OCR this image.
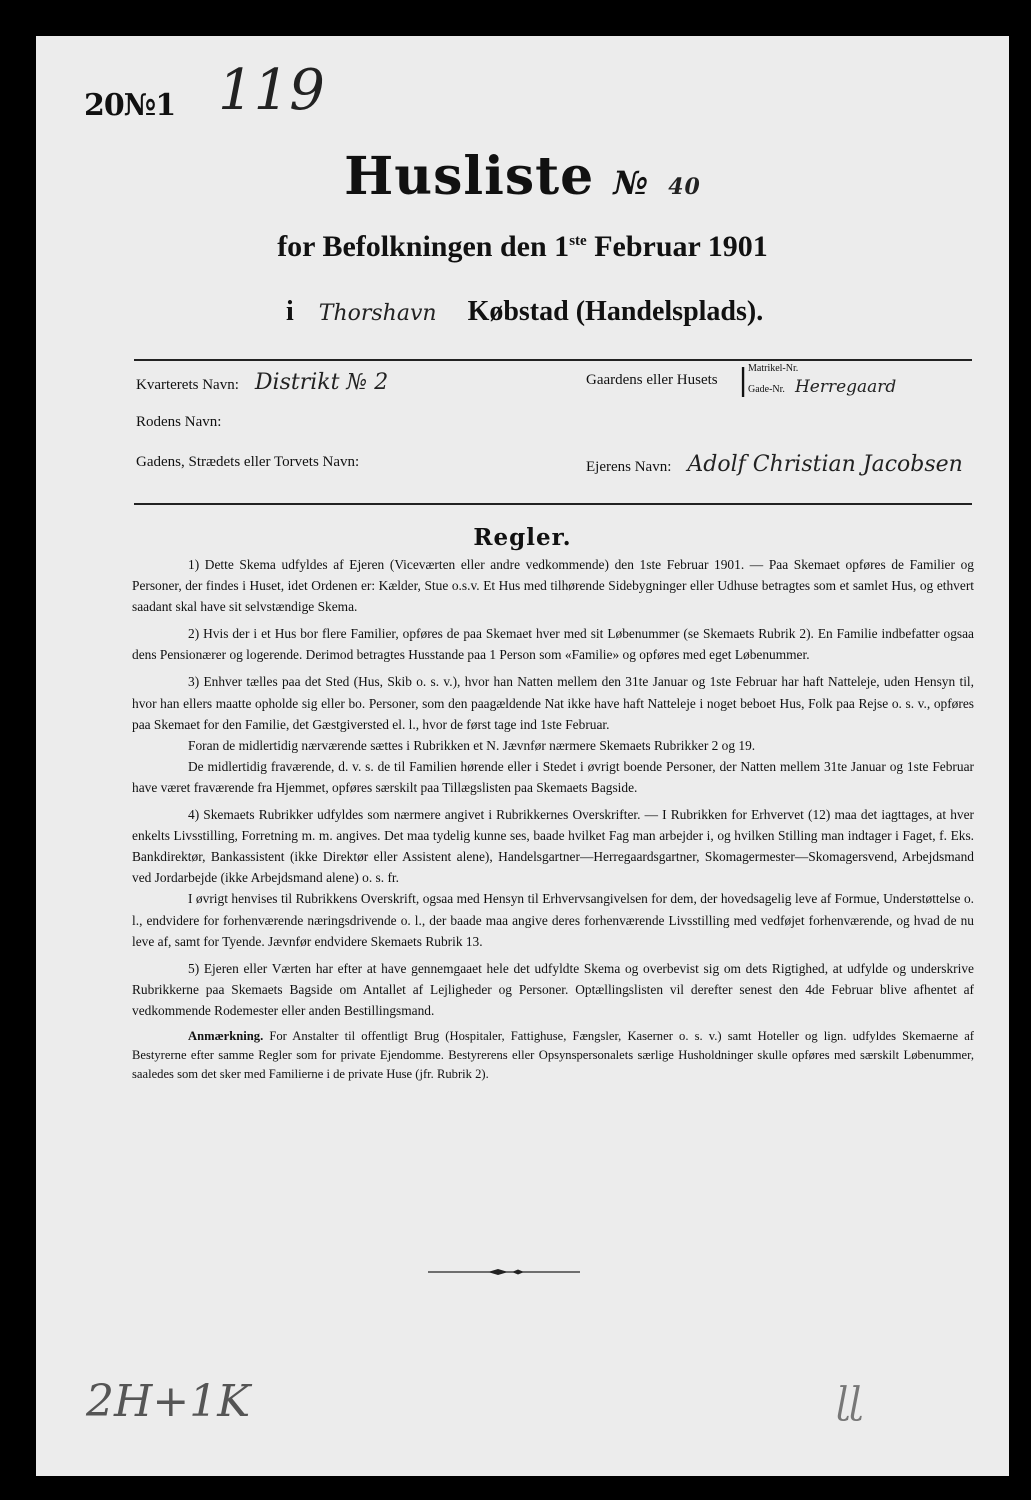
20№1 119
Husliste № 40
for Befolkningen den 1ste Februar 1901
i Thorshavn Købstad (Handelsplads).
Kvarterets Navn: Distrikt № 2	Gaardens eller Husets | Matrikel-Nr.
Gade-Nr. Herregaard
Rodens Navn:
Gadens, Strædets eller Torvets Navn:	Ejerens Navn: Adolf Christian Jacobsen
Regler.

1) Dette Skema udfyldes af Ejeren (Viceværten eller andre vedkommende) den 1ste Februar 1901. — Paa Skemaet opføres de Familier og Personer, der findes i Huset, idet Ordenen er: Kælder, Stue o.s.v. Et Hus med tilhørende Sidebygninger eller Udhuse betragtes som et samlet Hus, og ethvert saadant skal have sit selvstændige Skema.

2) Hvis der i et Hus bor flere Familier, opføres de paa Skemaet hver med sit Løbenummer (se Skemaets Rubrik 2). En Familie indbefatter ogsaa dens Pensionærer og logerende. Derimod betragtes Husstande paa 1 Person som «Familie» og opføres med eget Løbenummer.

3) Enhver tælles paa det Sted (Hus, Skib o. s. v.), hvor han Natten mellem den 31te Januar og 1ste Februar har haft Natteleje, uden Hensyn til, hvor han ellers maatte opholde sig eller bo. Personer, som den paagældende Nat ikke have haft Natteleje i noget beboet Hus, Folk paa Rejse o. s. v., opføres paa Skemaet for den Familie, det Gæstgiversted el. l., hvor de først tage ind 1ste Februar.

Foran de midlertidig nærværende sættes i Rubrikken et N. Jævnfør nærmere Skemaets Rubrikker 2 og 19.

De midlertidig fraværende, d. v. s. de til Familien hørende eller i Stedet i øvrigt boende Personer, der Natten mellem 31te Januar og 1ste Februar have været fraværende fra Hjemmet, opføres særskilt paa Tillægslisten paa Skemaets Bagside.

4) Skemaets Rubrikker udfyldes som nærmere angivet i Rubrikkernes Overskrifter. — I Rubrikken for Erhvervet (12) maa det iagttages, at hver enkelts Livsstilling, Forretning m. m. angives. Det maa tydelig kunne ses, baade hvilket Fag man arbejder i, og hvilken Stilling man indtager i Faget, f. Eks. Bankdirektør, Bankassistent (ikke Direktør eller Assistent alene), Handelsgartner—Herregaardsgartner, Skomagermester—Skomagersvend, Arbejdsmand ved Jordarbejde (ikke Arbejdsmand alene) o. s. fr.

I øvrigt henvises til Rubrikkens Overskrift, ogsaa med Hensyn til Erhvervsangivelsen for dem, der hovedsagelig leve af Formue, Understøttelse o. l., endvidere for forhenværende næringsdrivende o. l., der baade maa angive deres forhenværende Livsstilling med vedføjet forhenværende, og hvad de nu leve af, samt for Tyende. Jævnfør endvidere Skemaets Rubrik 13.

5) Ejeren eller Værten har efter at have gennemgaaet hele det udfyldte Skema og overbevist sig om dets Rigtighed, at udfylde og underskrive Rubrikkerne paa Skemaets Bagside om Antallet af Lejligheder og Personer. Optællingslisten vil derefter senest den 4de Februar blive afhentet af vedkommende Rodemester eller anden Bestillingsmand.

Anmærkning. For Anstalter til offentligt Brug (Hospitaler, Fattighuse, Fængsler, Kaserner o. s. v.) samt Hoteller og lign. udfyldes Skemaerne af Bestyrerne efter samme Regler som for private Ejendomme. Bestyrerens eller Opsynspersonalets særlige Husholdninger skulle opføres med særskilt Løbenummer, saaledes som det sker med Familierne i de private Huse (jfr. Rubrik 2).

2H+1K	ɭɭ
